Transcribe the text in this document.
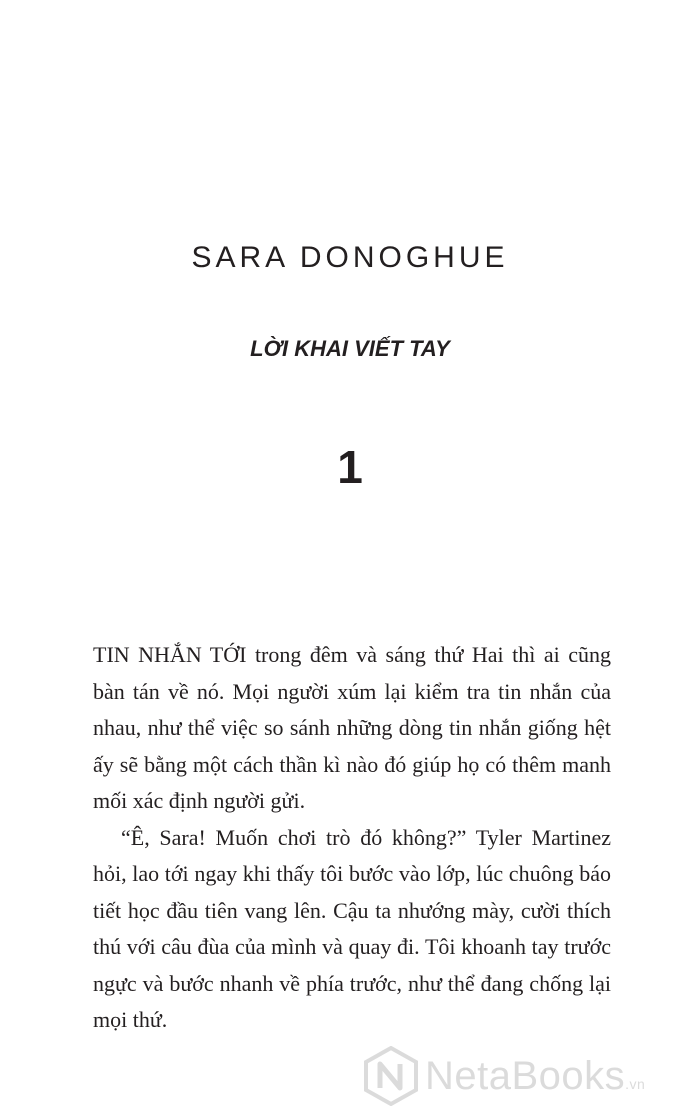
SARA DONOGHUE
LỜI KHAI VIẾT TAY
1

TIN NHẮN TỚI trong đêm và sáng thứ Hai thì ai cũng bàn tán về nó. Mọi người xúm lại kiểm tra tin nhắn của nhau, như thể việc so sánh những dòng tin nhắn giống hệt ấy sẽ bằng một cách thần kì nào đó giúp họ có thêm manh mối xác định người gửi.

“Ê, Sara! Muốn chơi trò đó không?” Tyler Martinez hỏi, lao tới ngay khi thấy tôi bước vào lớp, lúc chuông báo tiết học đầu tiên vang lên. Cậu ta nhướng mày, cười thích thú với câu đùa của mình và quay đi. Tôi khoanh tay trước ngực và bước nhanh về phía trước, như thể đang chống lại mọi thứ.

NetaBooks.vn
